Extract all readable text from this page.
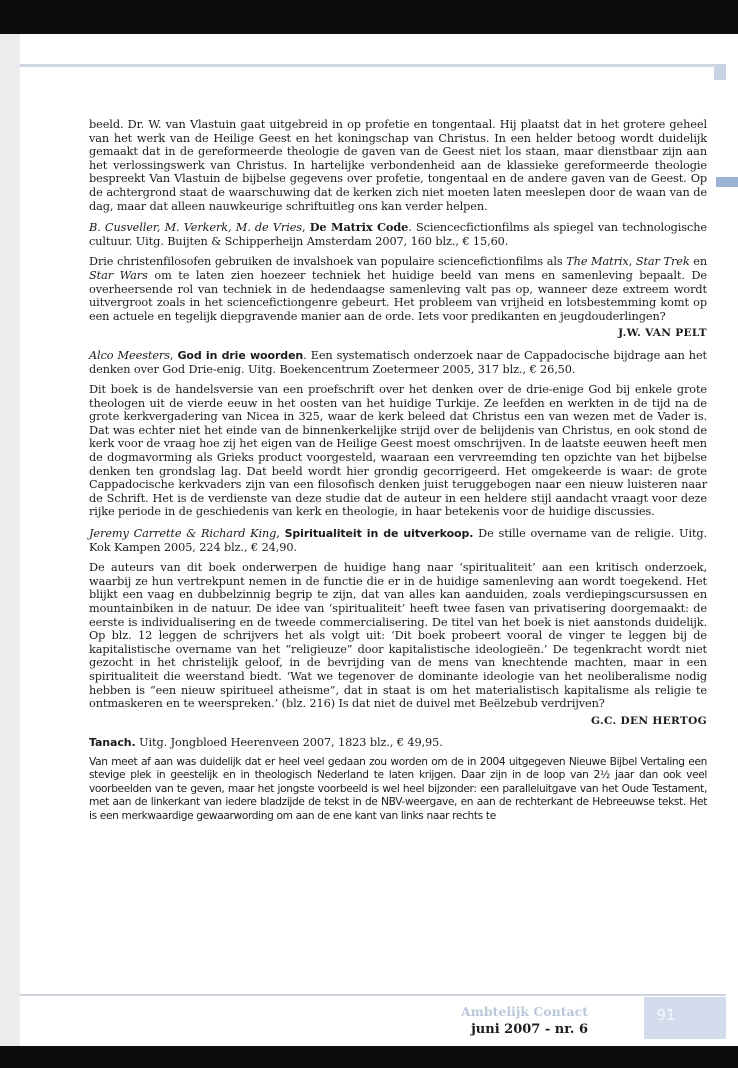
beeld. Dr. W. van Vlastuin gaat uitgebreid in op profetie en tongentaal. Hij plaatst dat in het grotere geheel van het werk van de Heilige Geest en het koningschap van Christus. In een helder betoog wordt duidelijk gemaakt dat in de gereformeerde theologie de gaven van de Geest niet los staan, maar dienstbaar zijn aan het verlossingswerk van Christus. In hartelijke verbondenheid aan de klassieke gereformeerde theologie bespreekt Van Vlastuin de bijbelse gegevens over profetie, tongentaal en de andere gaven van de Geest. Op de achtergrond staat de waarschuwing dat de kerken zich niet moeten laten meeslepen door de waan van de dag, maar dat alleen nauwkeurige schriftuitleg ons kan verder helpen.

B. Cusveller, M. Verkerk, M. de Vries, De Matrix Code. Sciencecfictionfilms als spiegel van technologische cultuur. Uitg. Buijten & Schipperheijn Amsterdam 2007, 160 blz., € 15,60.

Drie christenfilosofen gebruiken de invalshoek van populaire sciencefictionfilms als The Matrix, Star Trek en Star Wars om te laten zien hoezeer techniek het huidige beeld van mens en samenleving bepaalt. De overheersende rol van techniek in de hedendaagse samenleving valt pas op, wanneer deze extreem wordt uitvergroot zoals in het sciencefictiongenre gebeurt. Het probleem van vrijheid en lotsbestemming komt op een actuele en tegelijk diepgravende manier aan de orde. Iets voor predikanten en jeugdouderlingen?

J.W. VAN PELT

Alco Meesters, God in drie woorden. Een systematisch onderzoek naar de Cappadocische bijdrage aan het denken over God Drie-enig. Uitg. Boekencentrum Zoetermeer 2005, 317 blz., € 26,50.

Dit boek is de handelsversie van een proefschrift over het denken over de drie-enige God bij enkele grote theologen uit de vierde eeuw in het oosten van het huidige Turkije. Ze leefden en werkten in de tijd na de grote kerkvergadering van Nicea in 325, waar de kerk beleed dat Christus een van wezen met de Vader is. Dat was echter niet het einde van de binnenkerkelijke strijd over de belijdenis van Christus, en ook stond de kerk voor de vraag hoe zij het eigen van de Heilige Geest moest omschrijven. In de laatste eeuwen heeft men de dogmavorming als Grieks product voorgesteld, waaraan een vervreemding ten opzichte van het bijbelse denken ten grondslag lag. Dat beeld wordt hier grondig gecorrigeerd. Het omgekeerde is waar: de grote Cappadocische kerkvaders zijn van een filosofisch denken juist teruggebogen naar een nieuw luisteren naar de Schrift. Het is de verdienste van deze studie dat de auteur in een heldere stijl aandacht vraagt voor deze rijke periode in de geschiedenis van kerk en theologie, in haar betekenis voor de huidige discussies.

Jeremy Carrette & Richard King, Spiritualiteit in de uitverkoop. De stille overname van de religie. Uitg. Kok Kampen 2005, 224 blz., € 24,90.

De auteurs van dit boek onderwerpen de huidige hang naar ‘spiritualiteit’ aan een kritisch onderzoek, waarbij ze hun vertrekpunt nemen in de functie die er in de huidige samenleving aan wordt toegekend. Het blijkt een vaag en dubbelzinnig begrip te zijn, dat van alles kan aanduiden, zoals verdiepingscursussen en mountainbiken in de natuur. De idee van ‘spiritualiteit’ heeft twee fasen van privatisering doorgemaakt: de eerste is individualisering en de tweede commercialisering. De titel van het boek is niet aanstonds duidelijk. Op blz. 12 leggen de schrijvers het als volgt uit: ‘Dit boek probeert vooral de vinger te leggen bij de kapitalistische overname van het “religieuze” door kapitalistische ideologieën.’ De tegenkracht wordt niet gezocht in het christelijk geloof, in de bevrijding van de mens van knechtende machten, maar in een spiritualiteit die weerstand biedt. ‘Wat we tegenover de dominante ideologie van het neoliberalisme nodig hebben is “een nieuw spiritueel atheisme”, dat in staat is om het materialistisch kapitalisme als religie te ontmaskeren en te weerspreken.’ (blz. 216) Is dat niet de duivel met Beëlzebub verdrijven?

G.C. DEN HERTOG

Tanach. Uitg. Jongbloed Heerenveen 2007, 1823 blz., € 49,95.

Van meet af aan was duidelijk dat er heel veel gedaan zou worden om de in 2004 uitgegeven Nieuwe Bijbel Vertaling een stevige plek in geestelijk en in theologisch Nederland te laten krijgen. Daar zijn in de loop van 2½ jaar dan ook veel voorbeelden van te geven, maar het jongste voorbeeld is wel heel bijzonder: een paralleluitgave van het Oude Testament, met aan de linkerkant van iedere bladzijde de tekst in de NBV-weergave, en aan de rechterkant de Hebreeuwse tekst. Het is een merkwaardige gewaarwording om aan de ene kant van links naar rechts te

Ambtelijk Contact
juni 2007 - nr. 6
91
